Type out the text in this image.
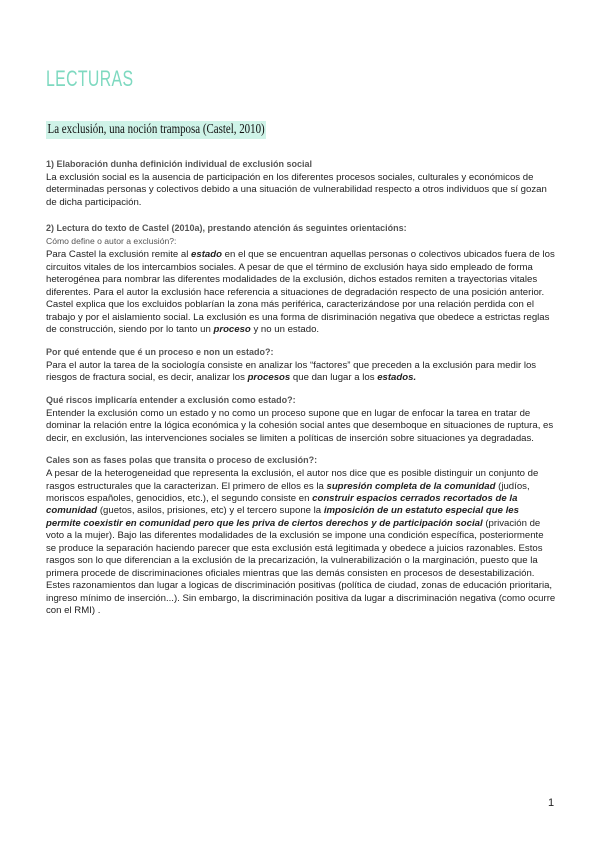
LECTURAS
La exclusión, una noción tramposa (Castel, 2010)

1) Elaboración dunha definición individual de exclusión social

La exclusión social es la ausencia de participación en los diferentes procesos sociales, culturales y económicos de determinadas personas y colectivos debido a una situación de vulnerabilidad respecto a otros individuos que sí gozan de dicha participación.

2) Lectura do texto de Castel (2010a), prestando atención ás seguintes orientacións:

Cómo define o autor a exclusión?:

Para Castel la exclusión remite al estado en el que se encuentran aquellas personas o colectivos ubicados fuera de los circuitos vitales de los intercambios sociales. A pesar de que el término de exclusión haya sido empleado de forma heterogénea para nombrar las diferentes modalidades de la exclusión, dichos estados remiten a trayectorias vitales diferentes. Para el autor la exclusión hace referencia a situaciones de degradación respecto de una posición anterior. Castel explica que los excluidos poblarían la zona más periférica, caracterizándose por una relación perdida con el trabajo y por el aislamiento social. La exclusión es una forma de disriminación negativa que obedece a estrictas reglas de construcción, siendo por lo tanto un proceso y no un estado.

Por qué entende que é un proceso e non un estado?:

Para el autor la tarea de la sociología consiste en analizar los “factores” que preceden a la exclusión para medir los riesgos de fractura social, es decir, analizar los procesos que dan lugar a los estados.

Qué riscos implicaría entender a exclusión como estado?:

Entender la exclusión como un estado y no como un proceso supone que en lugar de enfocar la tarea en tratar de dominar la relación entre la lógica económica y la cohesión social antes que desemboque en situaciones de ruptura, es decir, en exclusión, las intervenciones sociales se limiten a políticas de inserción sobre situaciones ya degradadas.

Cales son as fases polas que transita o proceso de exclusión?:

A pesar de la heterogeneidad que representa la exclusión, el autor nos dice que es posible distinguir un conjunto de rasgos estructurales que la caracterizan. El primero de ellos es la supresión completa de la comunidad (judíos, moriscos españoles, genocidios, etc.), el segundo consiste en construir espacios cerrados recortados de la comunidad (guetos, asilos, prisiones, etc) y el tercero supone la imposición de un estatuto especial que les permite coexistir en comunidad pero que les priva de ciertos derechos y de participación social (privación de voto a la mujer). Bajo las diferentes modalidades de la exclusión se impone una condición específica, posteriormente se produce la separación haciendo parecer que esta exclusión está legitimada y obedece a juicios razonables. Estos rasgos son lo que diferencian a la exclusión de la precarización, la vulnerabilización o la marginación, puesto que la primera procede de discriminaciones oficiales mientras que las demás consisten en procesos de desestabilización. Estes razonamientos dan lugar a logicas de discriminación positivas (política de ciudad, zonas de educación prioritaria, ingreso mínimo de inserción...). Sin embargo, la discriminación positiva da lugar a discriminación negativa (como ocurre con el RMI) .

1
